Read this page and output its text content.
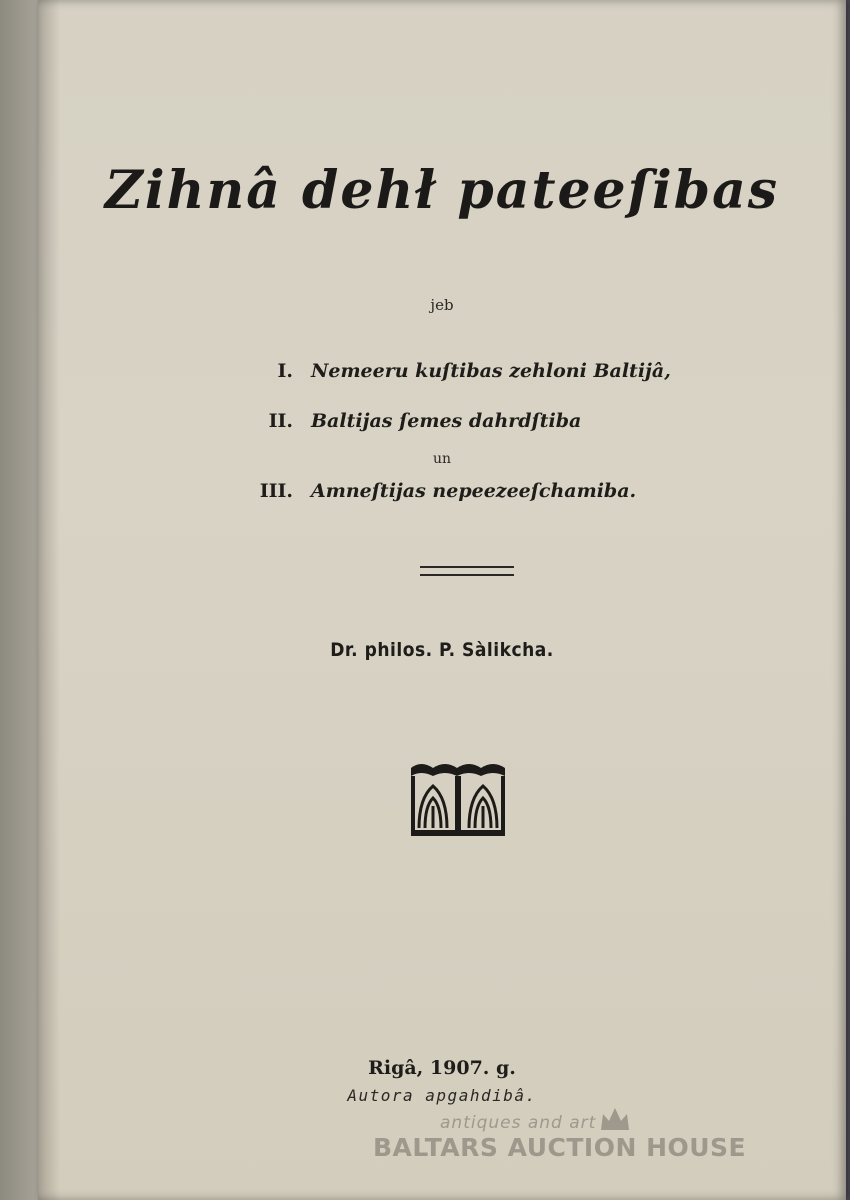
Zihnâ dehł pateeſibas
jeb
I. Nemeeru kuſtibas zehloni Baltijâ,
II. Baltijas ſemes dahrdſtiba
un
III. Amneſtijas nepeezeeſchamiba.
Dr. philos. P. Sàlikcha.
Rigâ, 1907. g.
Autora apgahdibâ.
antiques and art
BALTARS AUCTION HOUSE
